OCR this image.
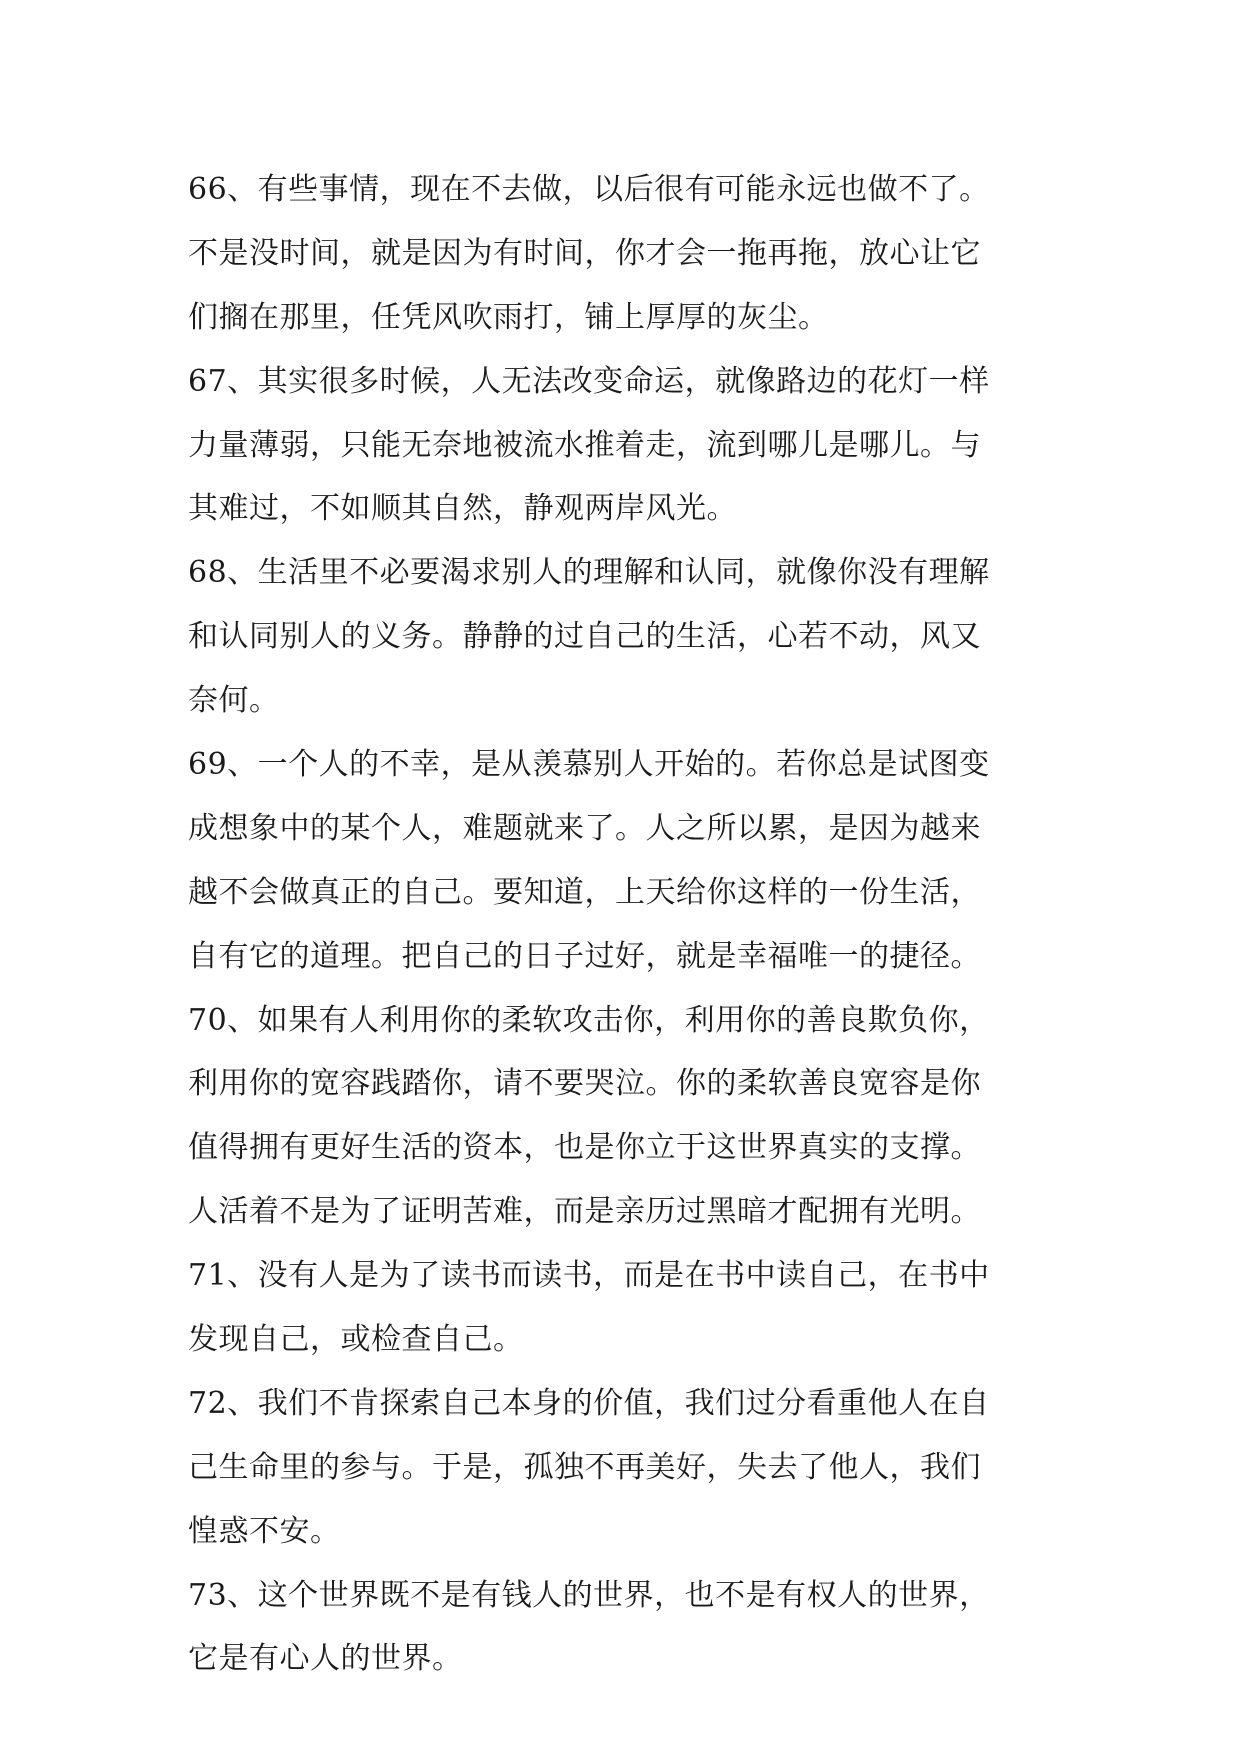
66、有些事情，现在不去做，以后很有可能永远也做不了。
不是没时间，就是因为有时间，你才会一拖再拖，放心让它
们搁在那里，任凭风吹雨打，铺上厚厚的灰尘。
67、其实很多时候，人无法改变命运，就像路边的花灯一样
力量薄弱，只能无奈地被流水推着走，流到哪儿是哪儿。与
其难过，不如顺其自然，静观两岸风光。
68、生活里不必要渴求别人的理解和认同，就像你没有理解
和认同别人的义务。静静的过自己的生活，心若不动，风又
奈何。
69、一个人的不幸，是从羡慕别人开始的。若你总是试图变
成想象中的某个人，难题就来了。人之所以累，是因为越来
越不会做真正的自己。要知道，上天给你这样的一份生活，
自有它的道理。把自己的日子过好，就是幸福唯一的捷径。
70、如果有人利用你的柔软攻击你，利用你的善良欺负你，
利用你的宽容践踏你，请不要哭泣。你的柔软善良宽容是你
值得拥有更好生活的资本，也是你立于这世界真实的支撑。
人活着不是为了证明苦难，而是亲历过黑暗才配拥有光明。
71、没有人是为了读书而读书，而是在书中读自己，在书中
发现自己，或检查自己。
72、我们不肯探索自己本身的价值，我们过分看重他人在自
己生命里的参与。于是，孤独不再美好，失去了他人，我们
惶惑不安。
73、这个世界既不是有钱人的世界，也不是有权人的世界，
它是有心人的世界。
